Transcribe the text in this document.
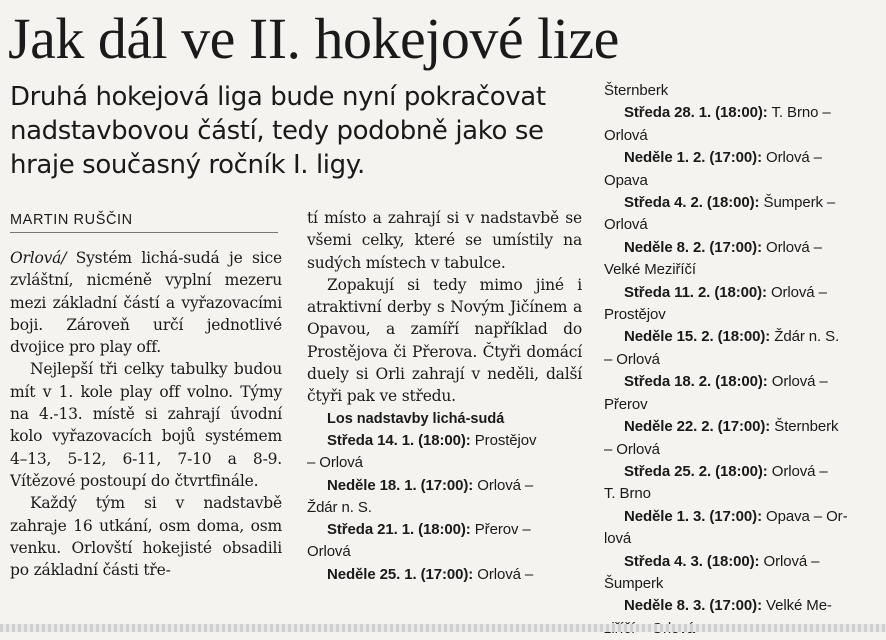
Jak dál ve II. hokejové lize

Druhá hokejová liga bude nyní pokračovat nadstavbovou částí, tedy podobně jako se hraje současný ročník I. ligy.

MARTIN RUŠČIN

Orlová/ Systém lichá-sudá je sice zvláštní, nicméně vyplní mezeru mezi základní částí a vyřazovacími boji. Zároveň určí jednotlivé dvojice pro play off.

Nejlepší tři celky tabulky budou mít v 1. kole play off volno. Týmy na 4.-13. místě si zahrají úvodní kolo vyřazovacích bojů systémem 4–13, 5-12, 6-11, 7-10 a 8-9. Vítězové postoupí do čtvrtfinále.

Každý tým si v nadstavbě zahraje 16 utkání, osm doma, osm venku. Orlovští hokejisté obsadili po základní části tře-

tí místo a zahrají si v nadstavbě se všemi celky, které se umístily na sudých místech v tabulce.

Zopakují si tedy mimo jiné i atraktivní derby s Novým Jičínem a Opavou, a zamíří například do Prostějova či Přerova. Čtyři domácí duely si Orli zahrají v neděli, další čtyři pak ve středu.

Los nadstavby lichá-sudá

Středa 14. 1. (18:00): Prostějov
– Orlová

Neděle 18. 1. (17:00): Orlová –
Ždár n. S.

Středa 21. 1. (18:00): Přerov –
Orlová

Neděle 25. 1. (17:00): Orlová –

Šternberk

Středa 28. 1. (18:00): T. Brno –
Orlová

Neděle 1. 2. (17:00): Orlová –
Opava

Středa 4. 2. (18:00): Šumperk –
Orlová

Neděle 8. 2. (17:00): Orlová –
Velké Meziříčí

Středa 11. 2. (18:00): Orlová –
Prostějov

Neděle 15. 2. (18:00): Ždár n. S.
– Orlová

Středa 18. 2. (18:00): Orlová –
Přerov

Neděle 22. 2. (17:00): Šternberk
– Orlová

Středa 25. 2. (18:00): Orlová –
T. Brno

Neděle 1. 3. (17:00): Opava – Or-
lová

Středa 4. 3. (18:00): Orlová –
Šumperk

Neděle 8. 3. (17:00): Velké Me-
